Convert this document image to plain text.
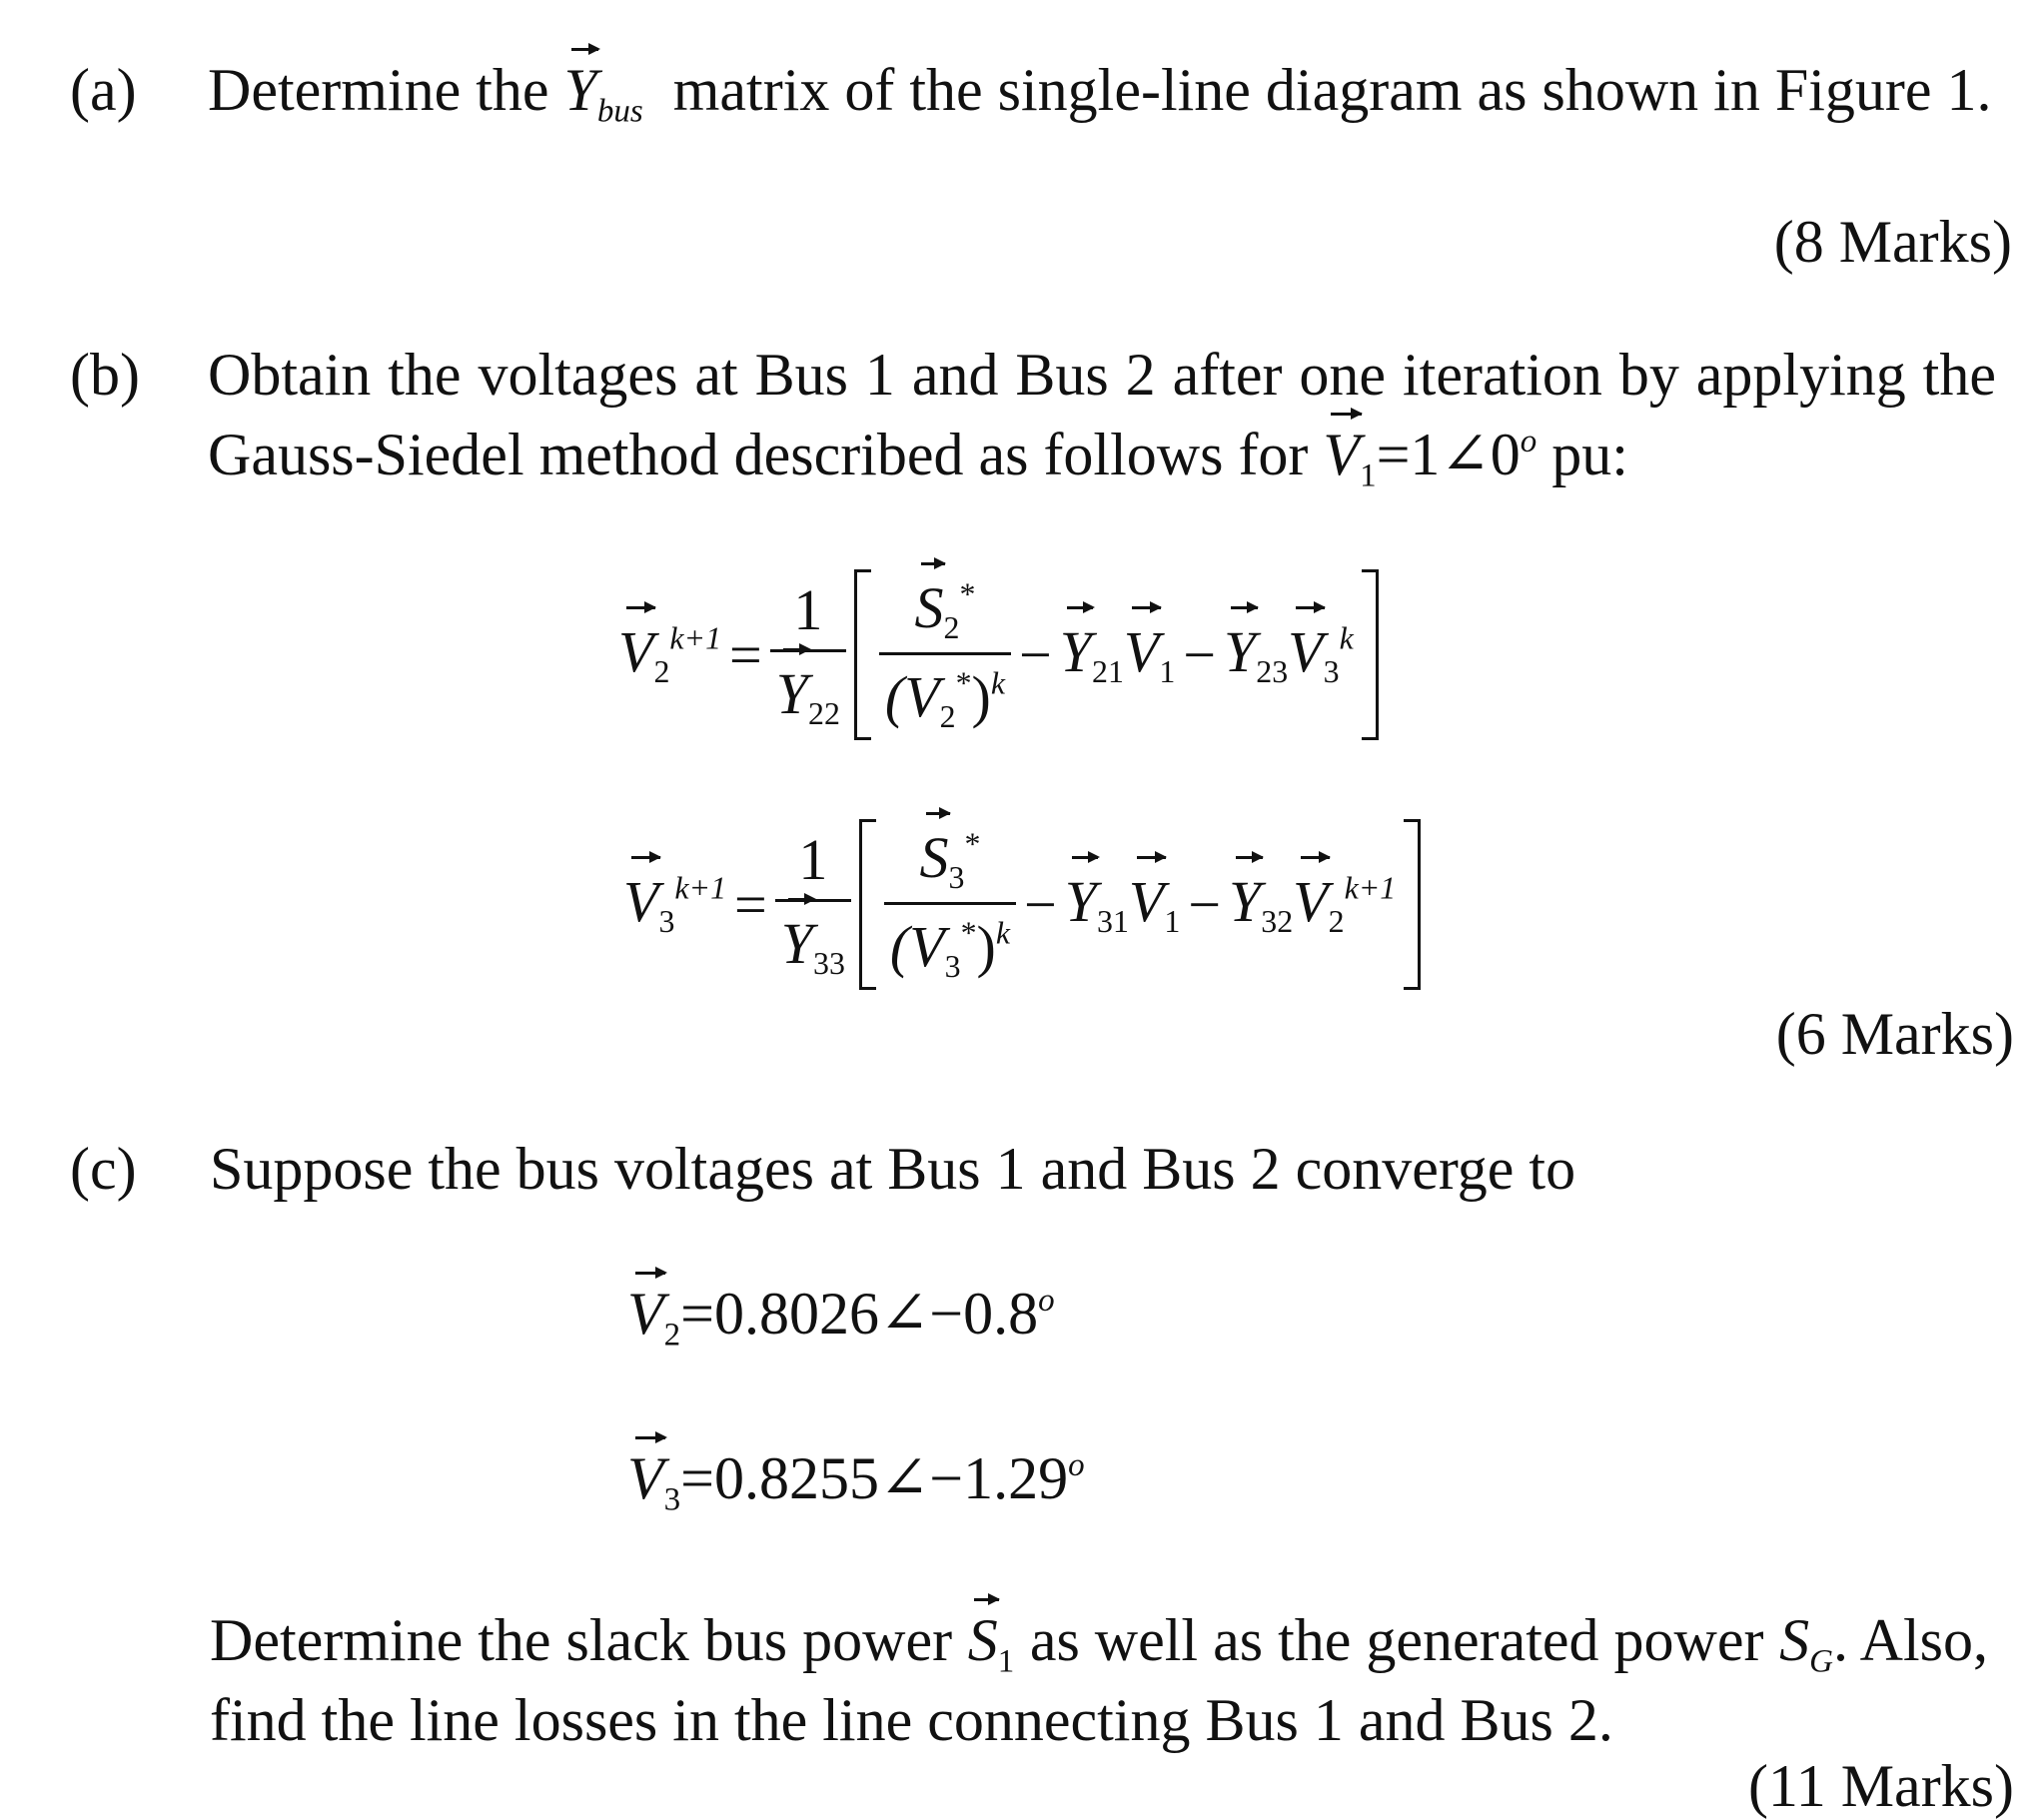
(a) Determine the $Y_{bus}$ matrix of the single-line diagram as shown in Figure 1.
(8 Marks)
(b) Obtain the voltages at Bus 1 and Bus 2 after one iteration by applying the
Gauss-Siedel method described as follows for $V_1=1\angle 0^o$ pu:
$V_2^{k+1} = \frac{1}{Y_{22}} \frac{S_2^*}{(V_2^*)^k} - Y_{21}V_1 - Y_{23}V_3^k$
$V_3^{k+1} = \frac{1}{Y_{33}} \frac{S_3^*}{(V_3^*)^k} - Y_{31}V_1 - Y_{32}V_2^{k+1}$
(6 Marks)
(c) Suppose the bus voltages at Bus 1 and Bus 2 converge to
$V_2=0.8026\angle-0.8^o$
$V_3=0.8255\angle-1.29^o$
Determine the slack bus power $S_1$ as well as the generated power $S_G$. Also,
find the line losses in the line connecting Bus 1 and Bus 2.
(11 Marks)
